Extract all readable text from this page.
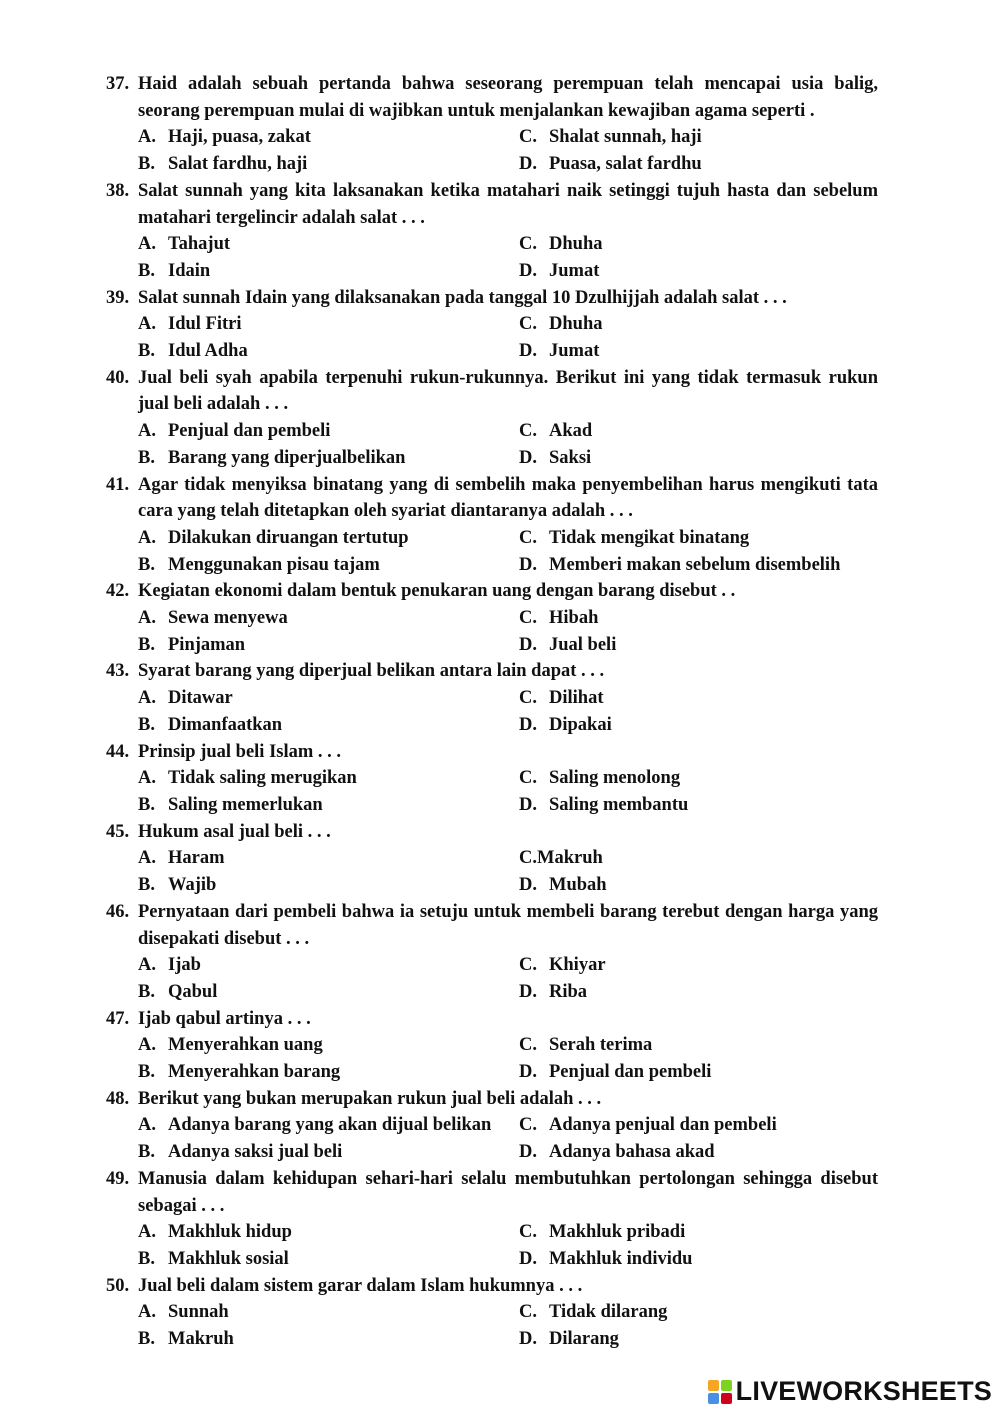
37. Haid adalah sebuah pertanda bahwa seseorang perempuan telah mencapai usia balig, seorang perempuan mulai di wajibkan untuk menjalankan kewajiban agama seperti .
A. Haji, puasa, zakat	C. Shalat sunnah, haji
B. Salat fardhu, haji	D. Puasa, salat fardhu
38. Salat sunnah yang kita laksanakan ketika matahari naik setinggi tujuh hasta dan sebelum matahari tergelincir adalah salat . . .
A. Tahajut	C. Dhuha
B. Idain	D. Jumat
39. Salat sunnah Idain yang dilaksanakan pada tanggal 10 Dzulhijjah adalah salat . . .
A. Idul Fitri	C. Dhuha
B. Idul Adha	D. Jumat
40. Jual beli syah apabila terpenuhi rukun-rukunnya. Berikut ini yang tidak termasuk rukun jual beli adalah . . .
A. Penjual dan pembeli	C. Akad
B. Barang yang diperjualbelikan	D. Saksi
41. Agar tidak menyiksa binatang yang di sembelih maka penyembelihan harus mengikuti tata cara yang telah ditetapkan oleh syariat diantaranya adalah . . .
A. Dilakukan diruangan tertutup	C. Tidak mengikat binatang
B. Menggunakan pisau tajam	D. Memberi makan sebelum disembelih
42. Kegiatan ekonomi dalam bentuk penukaran uang dengan barang disebut . .
A. Sewa menyewa	C. Hibah
B. Pinjaman	D. Jual beli
43. Syarat barang yang diperjual belikan antara lain dapat . . .
A. Ditawar	C. Dilihat
B. Dimanfaatkan	D. Dipakai
44. Prinsip jual beli Islam . . .
A. Tidak saling merugikan	C. Saling menolong
B. Saling memerlukan	D. Saling membantu
45. Hukum asal jual beli . . .
A. Haram	C. Makruh
B. Wajib	D. Mubah
46. Pernyataan dari pembeli bahwa ia setuju untuk membeli barang terebut dengan harga yang disepakati disebut . . .
A. Ijab	C. Khiyar
B. Qabul	D. Riba
47. Ijab qabul artinya . . .
A. Menyerahkan uang	C. Serah terima
B. Menyerahkan barang	D. Penjual dan pembeli
48. Berikut yang bukan merupakan rukun jual beli adalah . . .
A. Adanya barang yang akan dijual belikan C. Adanya penjual dan pembeli
B. Adanya saksi jual beli	D. Adanya bahasa akad
49. Manusia dalam kehidupan sehari-hari selalu membutuhkan pertolongan sehingga disebut sebagai . . .
A. Makhluk hidup	C. Makhluk pribadi
B. Makhluk sosial	D. Makhluk individu
50. Jual beli dalam sistem garar dalam Islam hukumnya . . .
A. Sunnah	C. Tidak dilarang
B. Makruh	D. Dilarang
LIVEWORKSHEETS
